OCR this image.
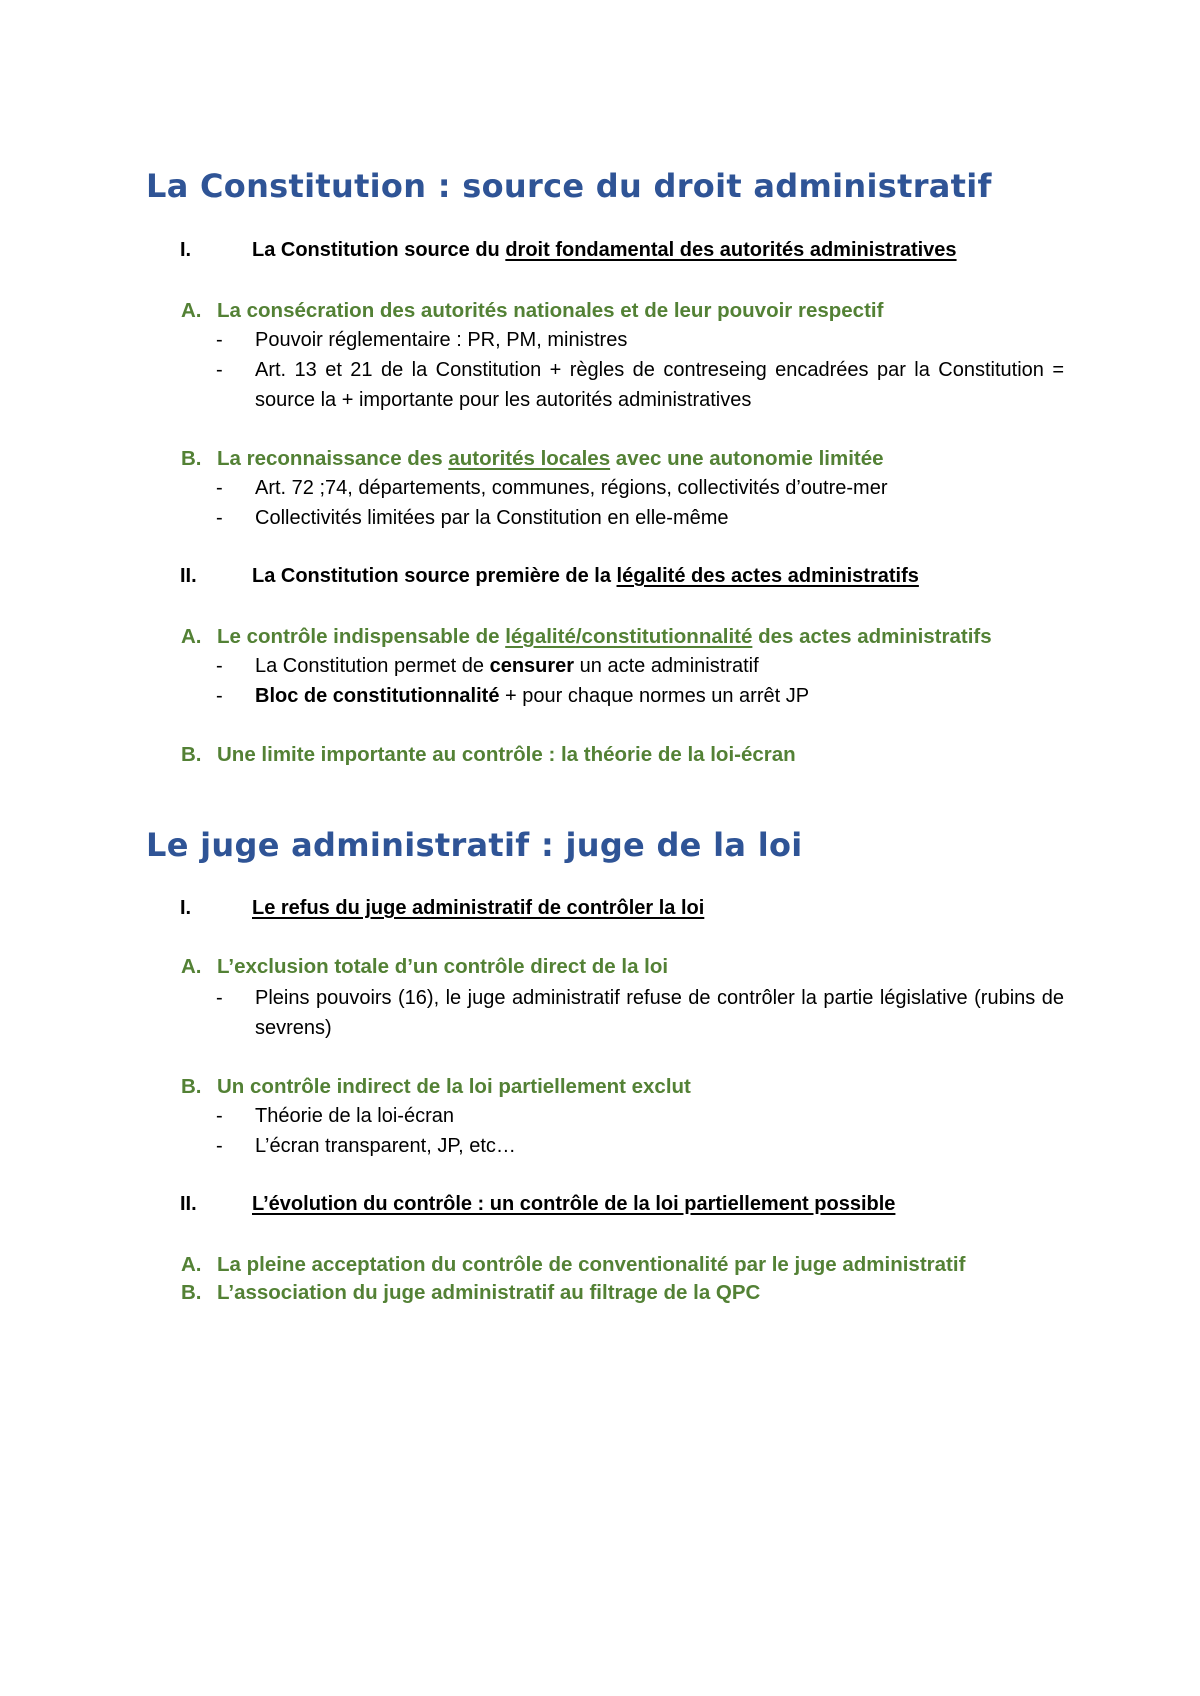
La Constitution : source du droit administratif
I.	La Constitution source du droit fondamental des autorités administratives
A. La consécration des autorités nationales et de leur pouvoir respectif
- Pouvoir réglementaire : PR, PM, ministres
- Art. 13 et 21 de la Constitution + règles de contreseing encadrées par la Constitution = source la + importante pour les autorités administratives
B. La reconnaissance des autorités locales avec une autonomie limitée
- Art. 72 ;74, départements, communes, régions, collectivités d’outre-mer
- Collectivités limitées par la Constitution en elle-même
II.	La Constitution source première de la légalité des actes administratifs
A. Le contrôle indispensable de légalité/constitutionnalité des actes administratifs
- La Constitution permet de censurer un acte administratif
- Bloc de constitutionnalité + pour chaque normes un arrêt JP
B. Une limite importante au contrôle : la théorie de la loi-écran
Le juge administratif : juge de la loi
I.	Le refus du juge administratif de contrôler la loi
A. L’exclusion totale d’un contrôle direct de la loi
- Pleins pouvoirs (16), le juge administratif refuse de contrôler la partie législative (rubins de sevrens)
B. Un contrôle indirect de la loi partiellement exclut
- Théorie de la loi-écran
- L’écran transparent, JP, etc…
II.	L’évolution du contrôle : un contrôle de la loi partiellement possible
A. La pleine acceptation du contrôle de conventionalité par le juge administratif
B. L’association du juge administratif au filtrage de la QPC
